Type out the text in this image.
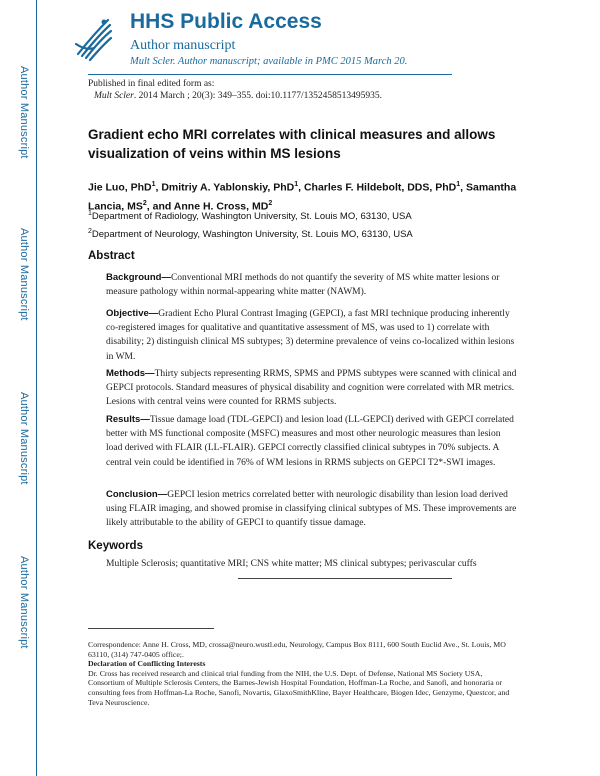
Author Manuscript
Author Manuscript
Author Manuscript
Author Manuscript
HHS Public Access
Author manuscript
Mult Scler. Author manuscript; available in PMC 2015 March 20.
Published in final edited form as:
Mult Scler. 2014 March ; 20(3): 349–355. doi:10.1177/1352458513495935.
Gradient echo MRI correlates with clinical measures and allows visualization of veins within MS lesions
Jie Luo, PhD$^1$, Dmitriy A. Yablonskiy, PhD$^1$, Charles F. Hildebolt, DDS, PhD$^1$, Samantha Lancia, $MS^2$, and Anne H. Cross, $MD^2$
$^1$Department of Radiology, Washington University, St. Louis MO, 63130, USA
$^2$Department of Neurology, Washington University, St. Louis MO, 63130, USA
Abstract

Background—Conventional MRI methods do not quantify the severity of MS white matter lesions or measure pathology within normal-appearing white matter (NAWM).

Objective—Gradient Echo Plural Contrast Imaging (GEPCI), a fast MRI technique producing inherently co-registered images for qualitative and quantitative assessment of MS, was used to 1) correlate with disability; 2) distinguish clinical MS subtypes; 3) determine prevalence of veins co-localized within lesions in WM.

Methods—Thirty subjects representing RRMS, SPMS and PPMS subtypes were scanned with clinical and GEPCI protocols. Standard measures of physical disability and cognition were correlated with MR metrics. Lesions with central veins were counted for RRMS subjects.

Results—Tissue damage load (TDL-GEPCI) and lesion load (LL-GEPCI) derived with GEPCI correlated better with MS functional composite (MSFC) measures and most other neurologic measures than lesion load derived with FLAIR (LL-FLAIR). GEPCI correctly classified clinical subtypes in 70% subjects. A central vein could be identified in 76% of WM lesions in RRMS subjects on GEPCI T2*-SWI images.

Conclusion—GEPCI lesion metrics correlated better with neurologic disability than lesion load derived using FLAIR imaging, and showed promise in classifying clinical subtypes of MS. These improvements are likely attributable to the ability of GEPCI to quantify tissue damage.

Keywords
Multiple Sclerosis; quantitative MRI; CNS white matter; MS clinical subtypes; perivascular cuffs

Correspondence: Anne H. Cross, MD, crossa@neuro.wustl.edu, Neurology, Campus Box 8111, 600 South Euclid Ave., St. Louis, MO 63110, (314) 747-0405 office;.

Declaration of Conflicting Interests

Dr. Cross has received research and clinical trial funding from the NIH, the U.S. Dept. of Defense, National MS Society USA, Consortium of Multiple Sclerosis Centers, the Barnes-Jewish Hospital Foundation, Hoffman-La Roche, and Sanofi, and honoraria or consulting fees from Hoffman-La Roche, Sanofi, Novartis, GlaxoSmithKline, Bayer Healthcare, Biogen Idec, Genzyme, Questcor, and Teva Neuroscience.
